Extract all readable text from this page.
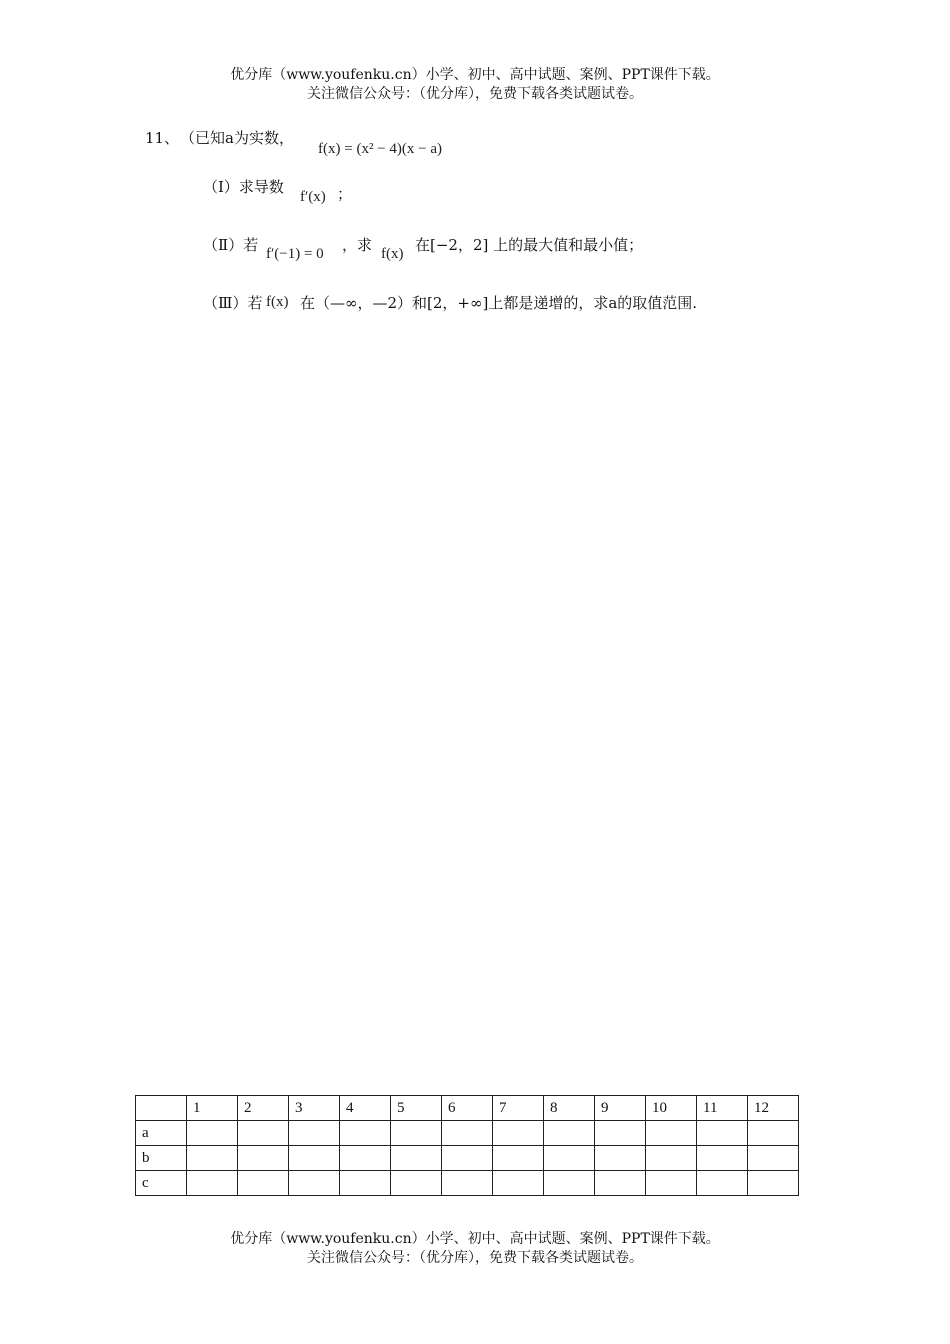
优分库（www.youfenku.cn）小学、初中、高中试题、案例、PPT课件下载。
关注微信公众号：（优分库），免费下载各类试题试卷。
11、 （已知a为实数，
f(x) = (x² − 4)(x − a)
（Ⅰ）求导数
f′(x) ；
（Ⅱ）若 f′(−1) = 0 ，求 f(x) 在[−2，2] 上的最大值和最小值；
（Ⅲ）若 f(x) 在（—∞，—2）和[2，+∞]上都是递增的，求a的取值范围.
	1	2	3	4	5	6	7	8	9	10	11	12
a												
b												
c												
优分库（www.youfenku.cn）小学、初中、高中试题、案例、PPT课件下载。
关注微信公众号：（优分库），免费下载各类试题试卷。
